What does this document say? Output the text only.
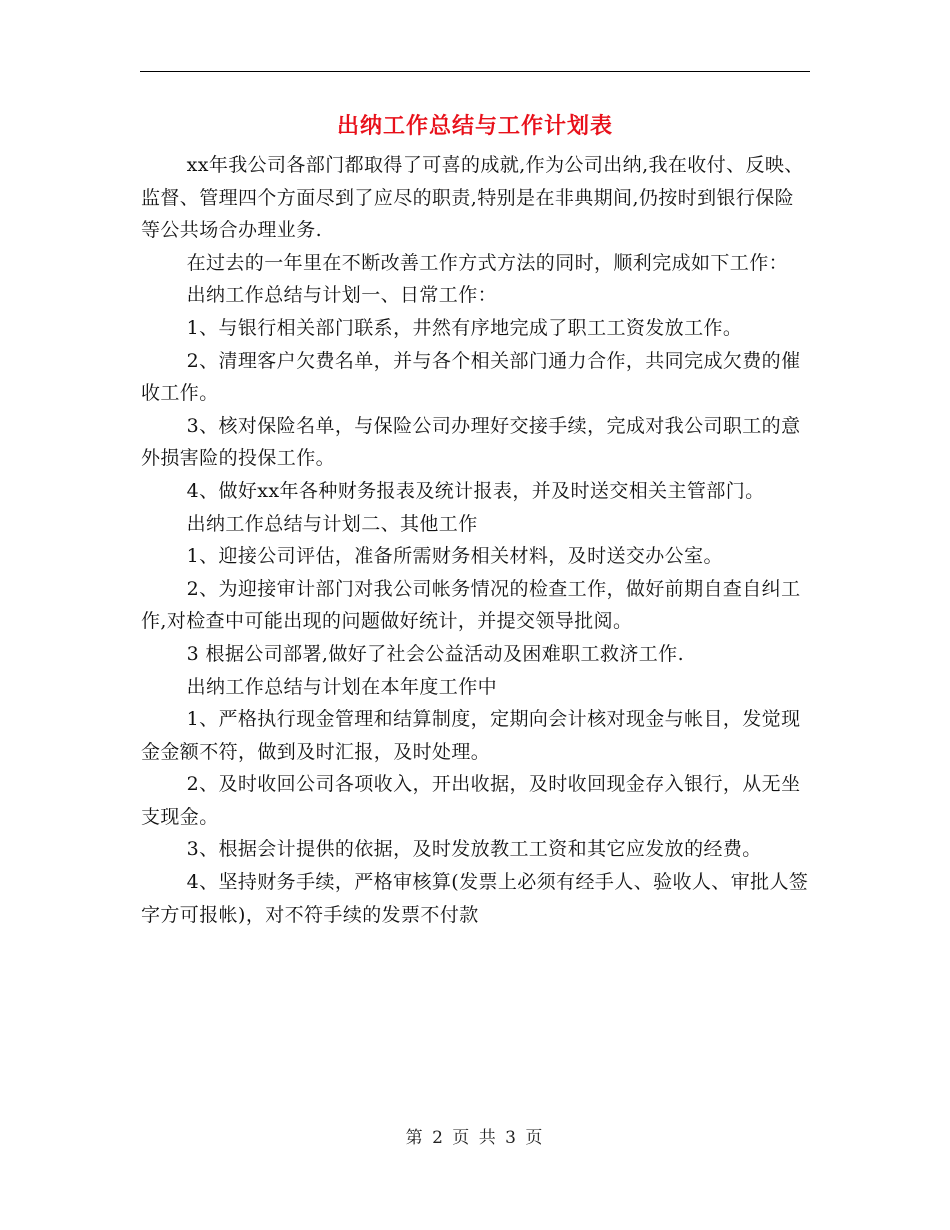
出纳工作总结与工作计划表

xx年我公司各部门都取得了可喜的成就,作为公司出纳,我在收付、反映、监督、管理四个方面尽到了应尽的职责,特别是在非典期间,仍按时到银行保险等公共场合办理业务.

在过去的一年里在不断改善工作方式方法的同时，顺利完成如下工作：

出纳工作总结与计划一、日常工作：

1、与银行相关部门联系，井然有序地完成了职工工资发放工作。

2、清理客户欠费名单，并与各个相关部门通力合作，共同完成欠费的催收工作。

3、核对保险名单，与保险公司办理好交接手续，完成对我公司职工的意外损害险的投保工作。

4、做好xx年各种财务报表及统计报表，并及时送交相关主管部门。

出纳工作总结与计划二、其他工作

1、迎接公司评估，准备所需财务相关材料，及时送交办公室。

2、为迎接审计部门对我公司帐务情况的检查工作，做好前期自查自纠工作,对检查中可能出现的问题做好统计，并提交领导批阅。

3 根据公司部署,做好了社会公益活动及困难职工救济工作.

出纳工作总结与计划在本年度工作中

1、严格执行现金管理和结算制度，定期向会计核对现金与帐目，发觉现金金额不符，做到及时汇报，及时处理。

2、及时收回公司各项收入，开出收据，及时收回现金存入银行，从无坐支现金。

3、根据会计提供的依据，及时发放教工工资和其它应发放的经费。

4、坚持财务手续，严格审核算(发票上必须有经手人、验收人、审批人签字方可报帐)，对不符手续的发票不付款

第 2 页 共 3 页
